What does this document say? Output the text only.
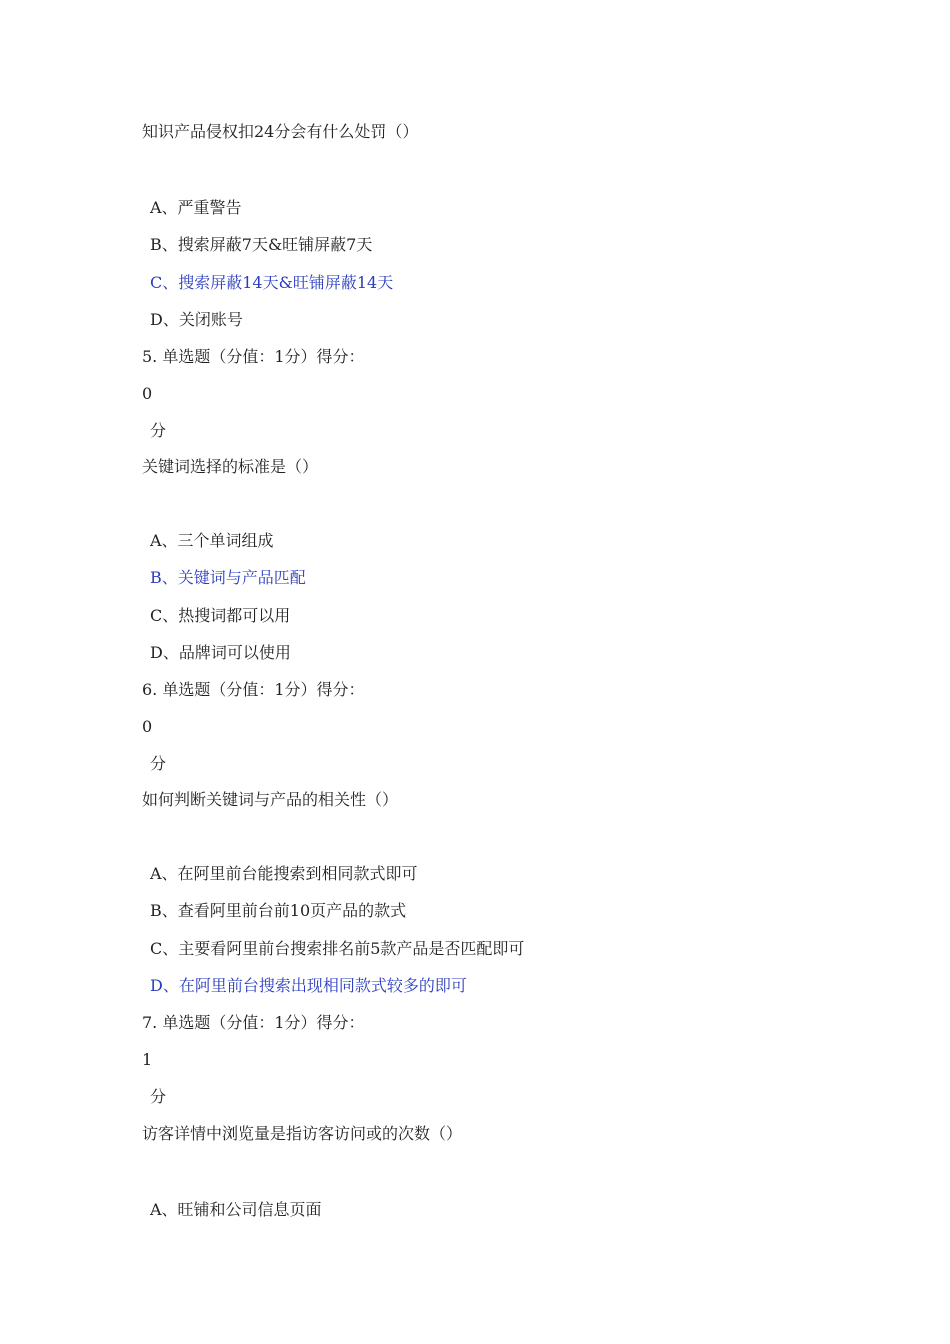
知识产品侵权扣24分会有什么处罚（）
A、严重警告
B、搜索屏蔽7天&旺铺屏蔽7天
C、搜索屏蔽14天&旺铺屏蔽14天
D、关闭账号
5. 单选题（分值：1分）得分：
0
分
关键词选择的标准是（）
A、三个单词组成
B、关键词与产品匹配
C、热搜词都可以用
D、品牌词可以使用
6. 单选题（分值：1分）得分：
0
分
如何判断关键词与产品的相关性（）
A、在阿里前台能搜索到相同款式即可
B、查看阿里前台前10页产品的款式
C、主要看阿里前台搜索排名前5款产品是否匹配即可
D、在阿里前台搜索出现相同款式较多的即可
7. 单选题（分值：1分）得分：
1
分
访客详情中浏览量是指访客访问或的次数（）
A、旺铺和公司信息页面
